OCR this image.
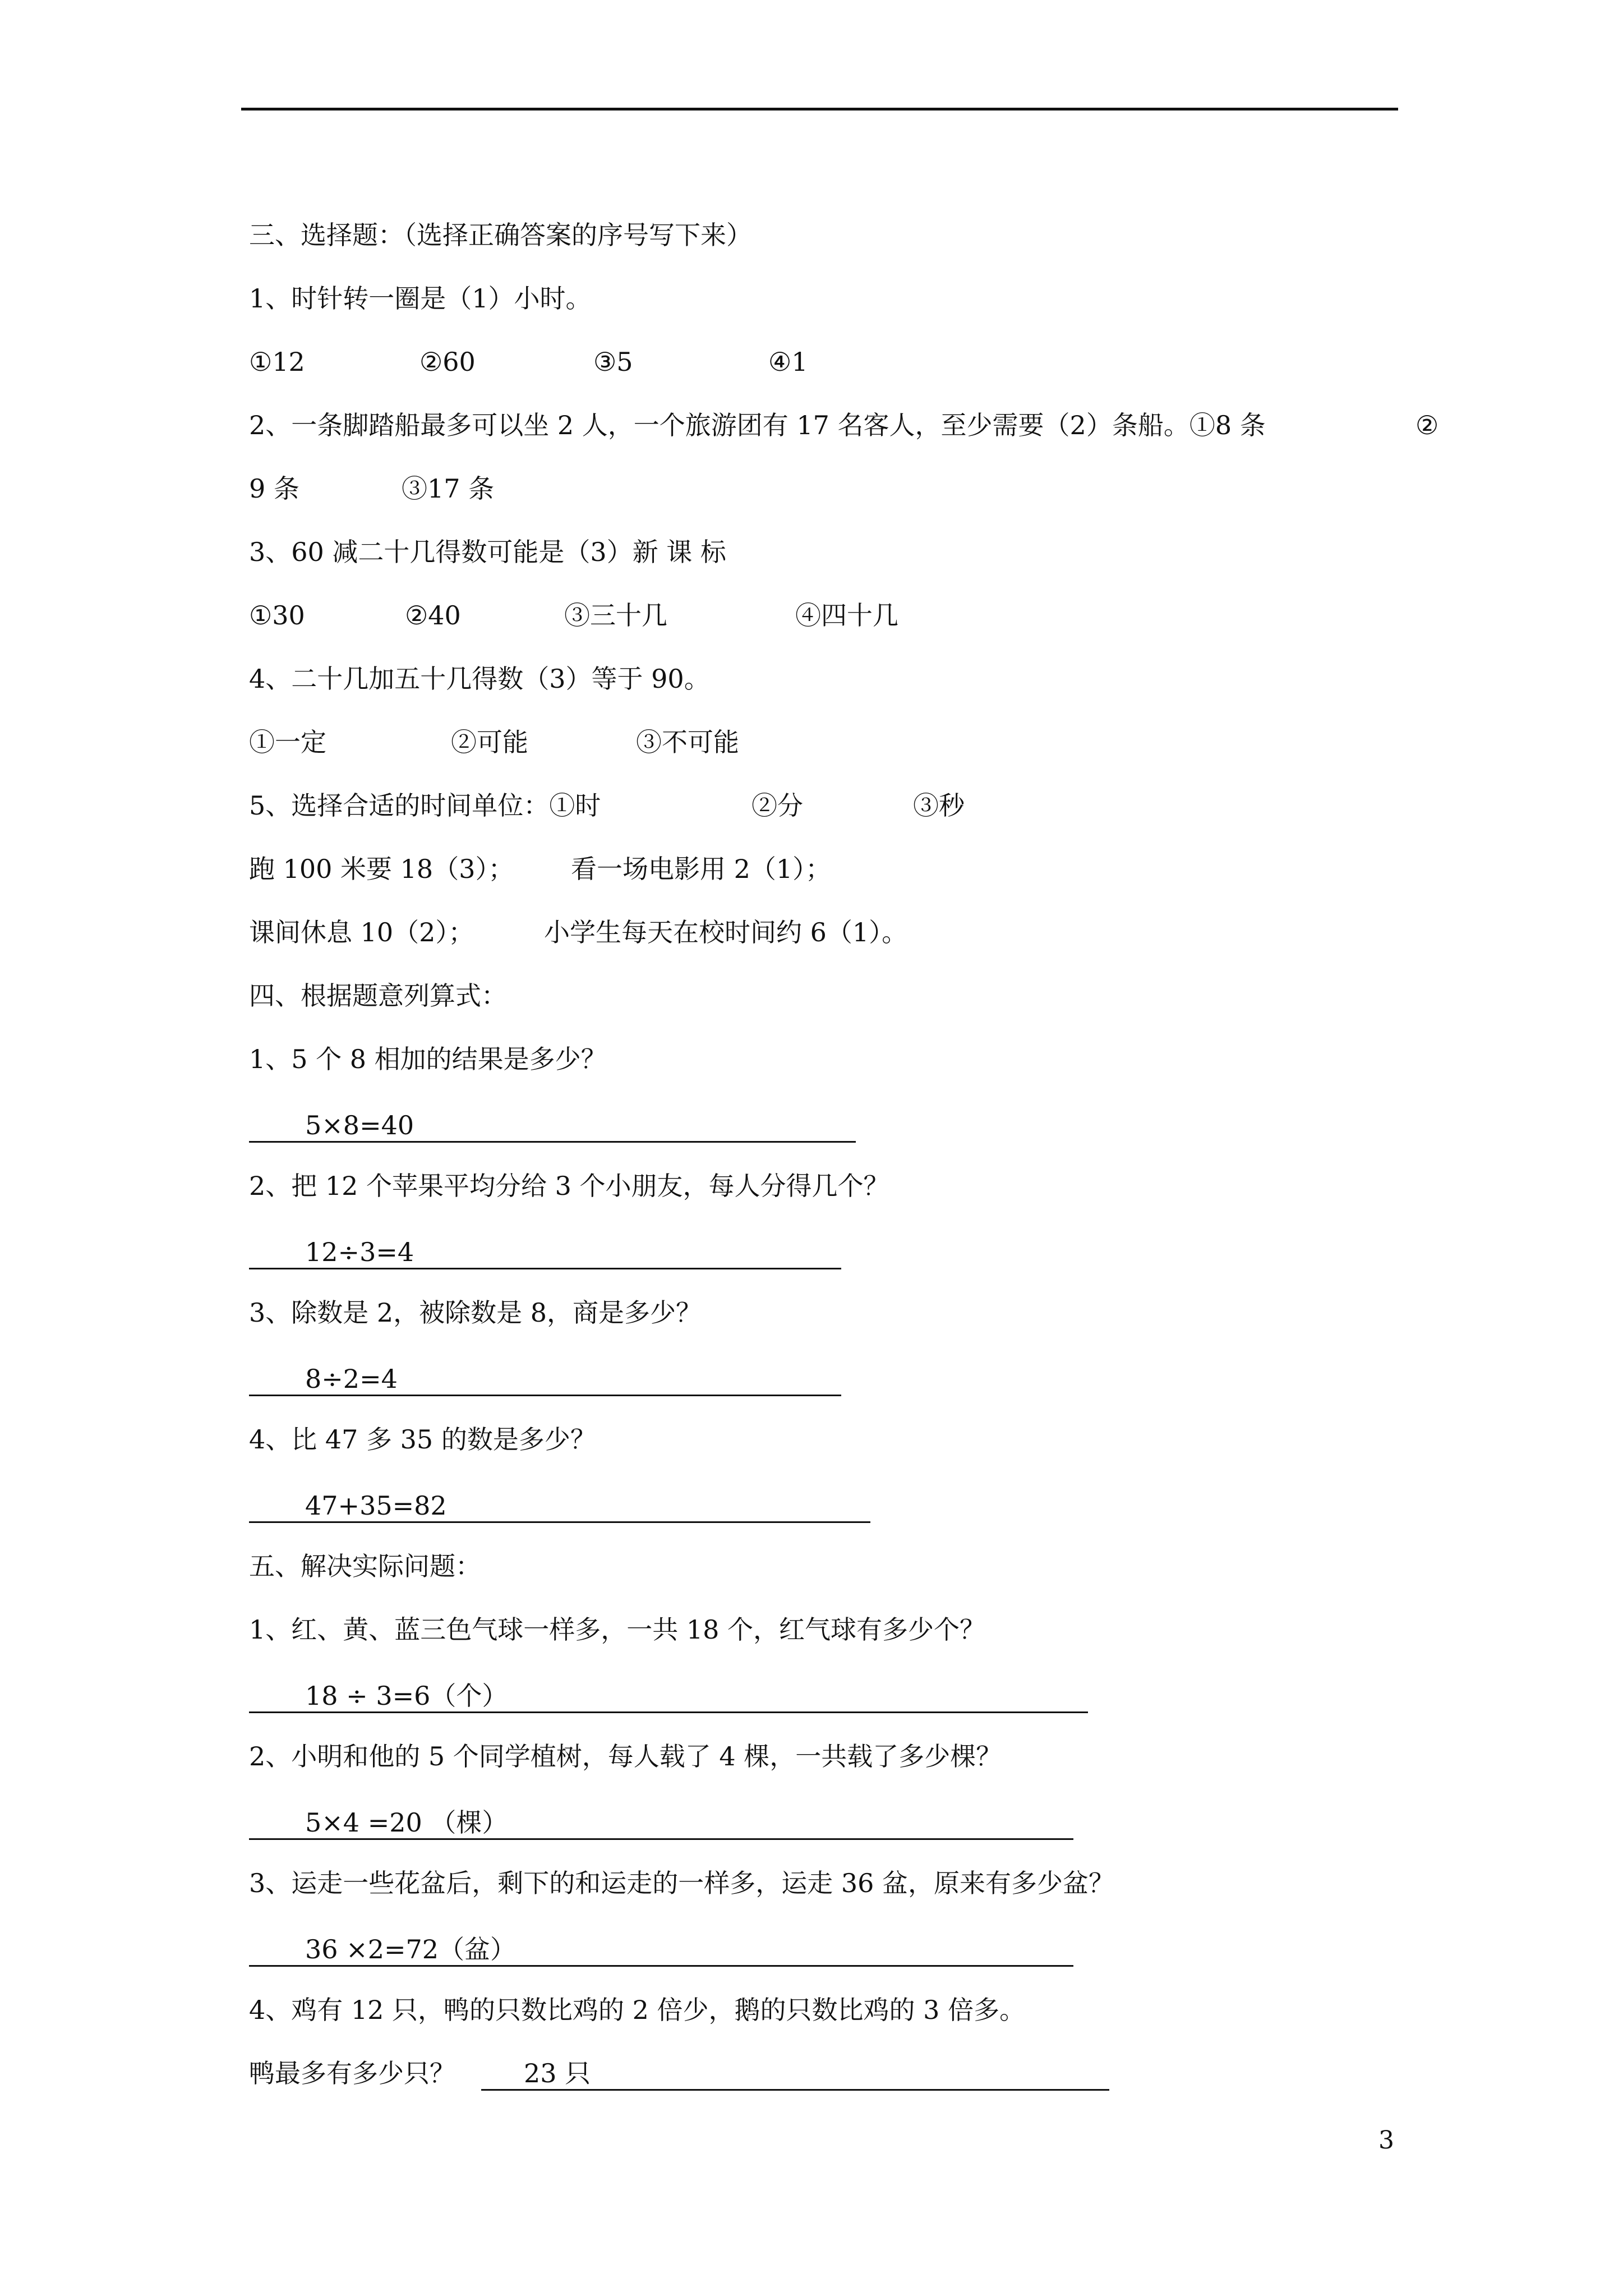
三、选择题：（选择正确答案的序号写下来）
1、时针转一圈是（1）小时。
①12	②60	③5	④1
2、一条脚踏船最多可以坐 2 人，一个旅游团有 17 名客人，至少需要（2）条船。①8 条	②
9 条	③17 条
3、60 减二十几得数可能是（3）新 课 标
①30	②40	③三十几	④四十几
4、二十几加五十几得数（3）等于 90。
①一定	②可能	③不可能
5、选择合适的时间单位：①时	②分	③秒
跑 100 米要 18（3）； 看一场电影用 2（1）；
课间休息 10（2）；	小学生每天在校时间约 6（1）。
四、根据题意列算式：
1、5 个 8 相加的结果是多少？
5×8=40
2、把 12 个苹果平均分给 3 个小朋友，每人分得几个？
12÷3=4
3、除数是 2，被除数是 8，商是多少？
8÷2=4
4、比 47 多 35 的数是多少？
47+35=82
五、解决实际问题：
1、红、黄、蓝三色气球一样多，一共 18 个，红气球有多少个？
18 ÷ 3=6（个）
2、小明和他的 5 个同学植树，每人载了 4 棵，一共载了多少棵？
5×4 =20 （棵）
3、运走一些花盆后，剩下的和运走的一样多，运走 36 盆，原来有多少盆？
36 ×2=72（盆）
4、鸡有 12 只，鸭的只数比鸡的 2 倍少，鹅的只数比鸡的 3 倍多。
鸭最多有多少只？	23 只
3
